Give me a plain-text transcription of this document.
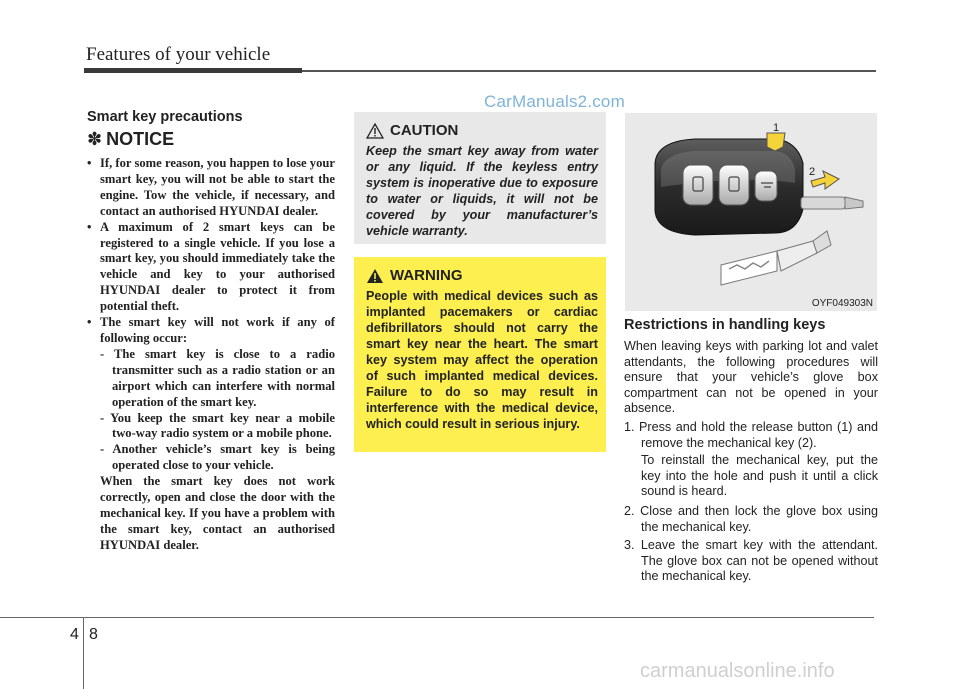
Features of your vehicle
CarManuals2.com
Smart key precautions
✽ NOTICE
• If, for some reason, you happen to lose your smart key, you will not be able to start the engine. Tow the vehicle, if necessary, and contact an authorised HYUNDAI dealer.
• A maximum of 2 smart keys can be registered to a single vehicle. If you lose a smart key, you should immediately take the vehicle and key to your authorised HYUNDAI dealer to protect it from potential theft.
• The smart key will not work if any of following occur:
- The smart key is close to a radio transmitter such as a radio station or an airport which can interfere with normal operation of the smart key.
- You keep the smart key near a mobile two-way radio system or a mobile phone.
- Another vehicle’s smart key is being operated close to your vehicle.
When the smart key does not work correctly, open and close the door with the mechanical key. If you have a problem with the smart key, contact an authorised HYUNDAI dealer.
CAUTION
Keep the smart key away from water or any liquid. If the keyless entry system is inoperative due to exposure to water or liquids, it will not be covered by your manufacturer’s vehicle warranty.
WARNING
People with medical devices such as implanted pacemakers or cardiac defibrillators should not carry the smart key near the heart. The smart key system may affect the operation of such implanted medical devices. Failure to do so may result in interference with the medical device, which could result in serious injury.
1
2
OYF049303N
Restrictions in handling keys
When leaving keys with parking lot and valet attendants, the following procedures will ensure that your vehicle’s glove box compartment can not be opened in your absence.
1. Press and hold the release button (1) and remove the mechanical key (2).
To reinstall the mechanical key, put the key into the hole and push it until a click sound is heard.
2. Close and then lock the glove box using the mechanical key.
3. Leave the smart key with the attendant. The glove box can not be opened without the mechanical key.
4 8
carmanualsonline.info
